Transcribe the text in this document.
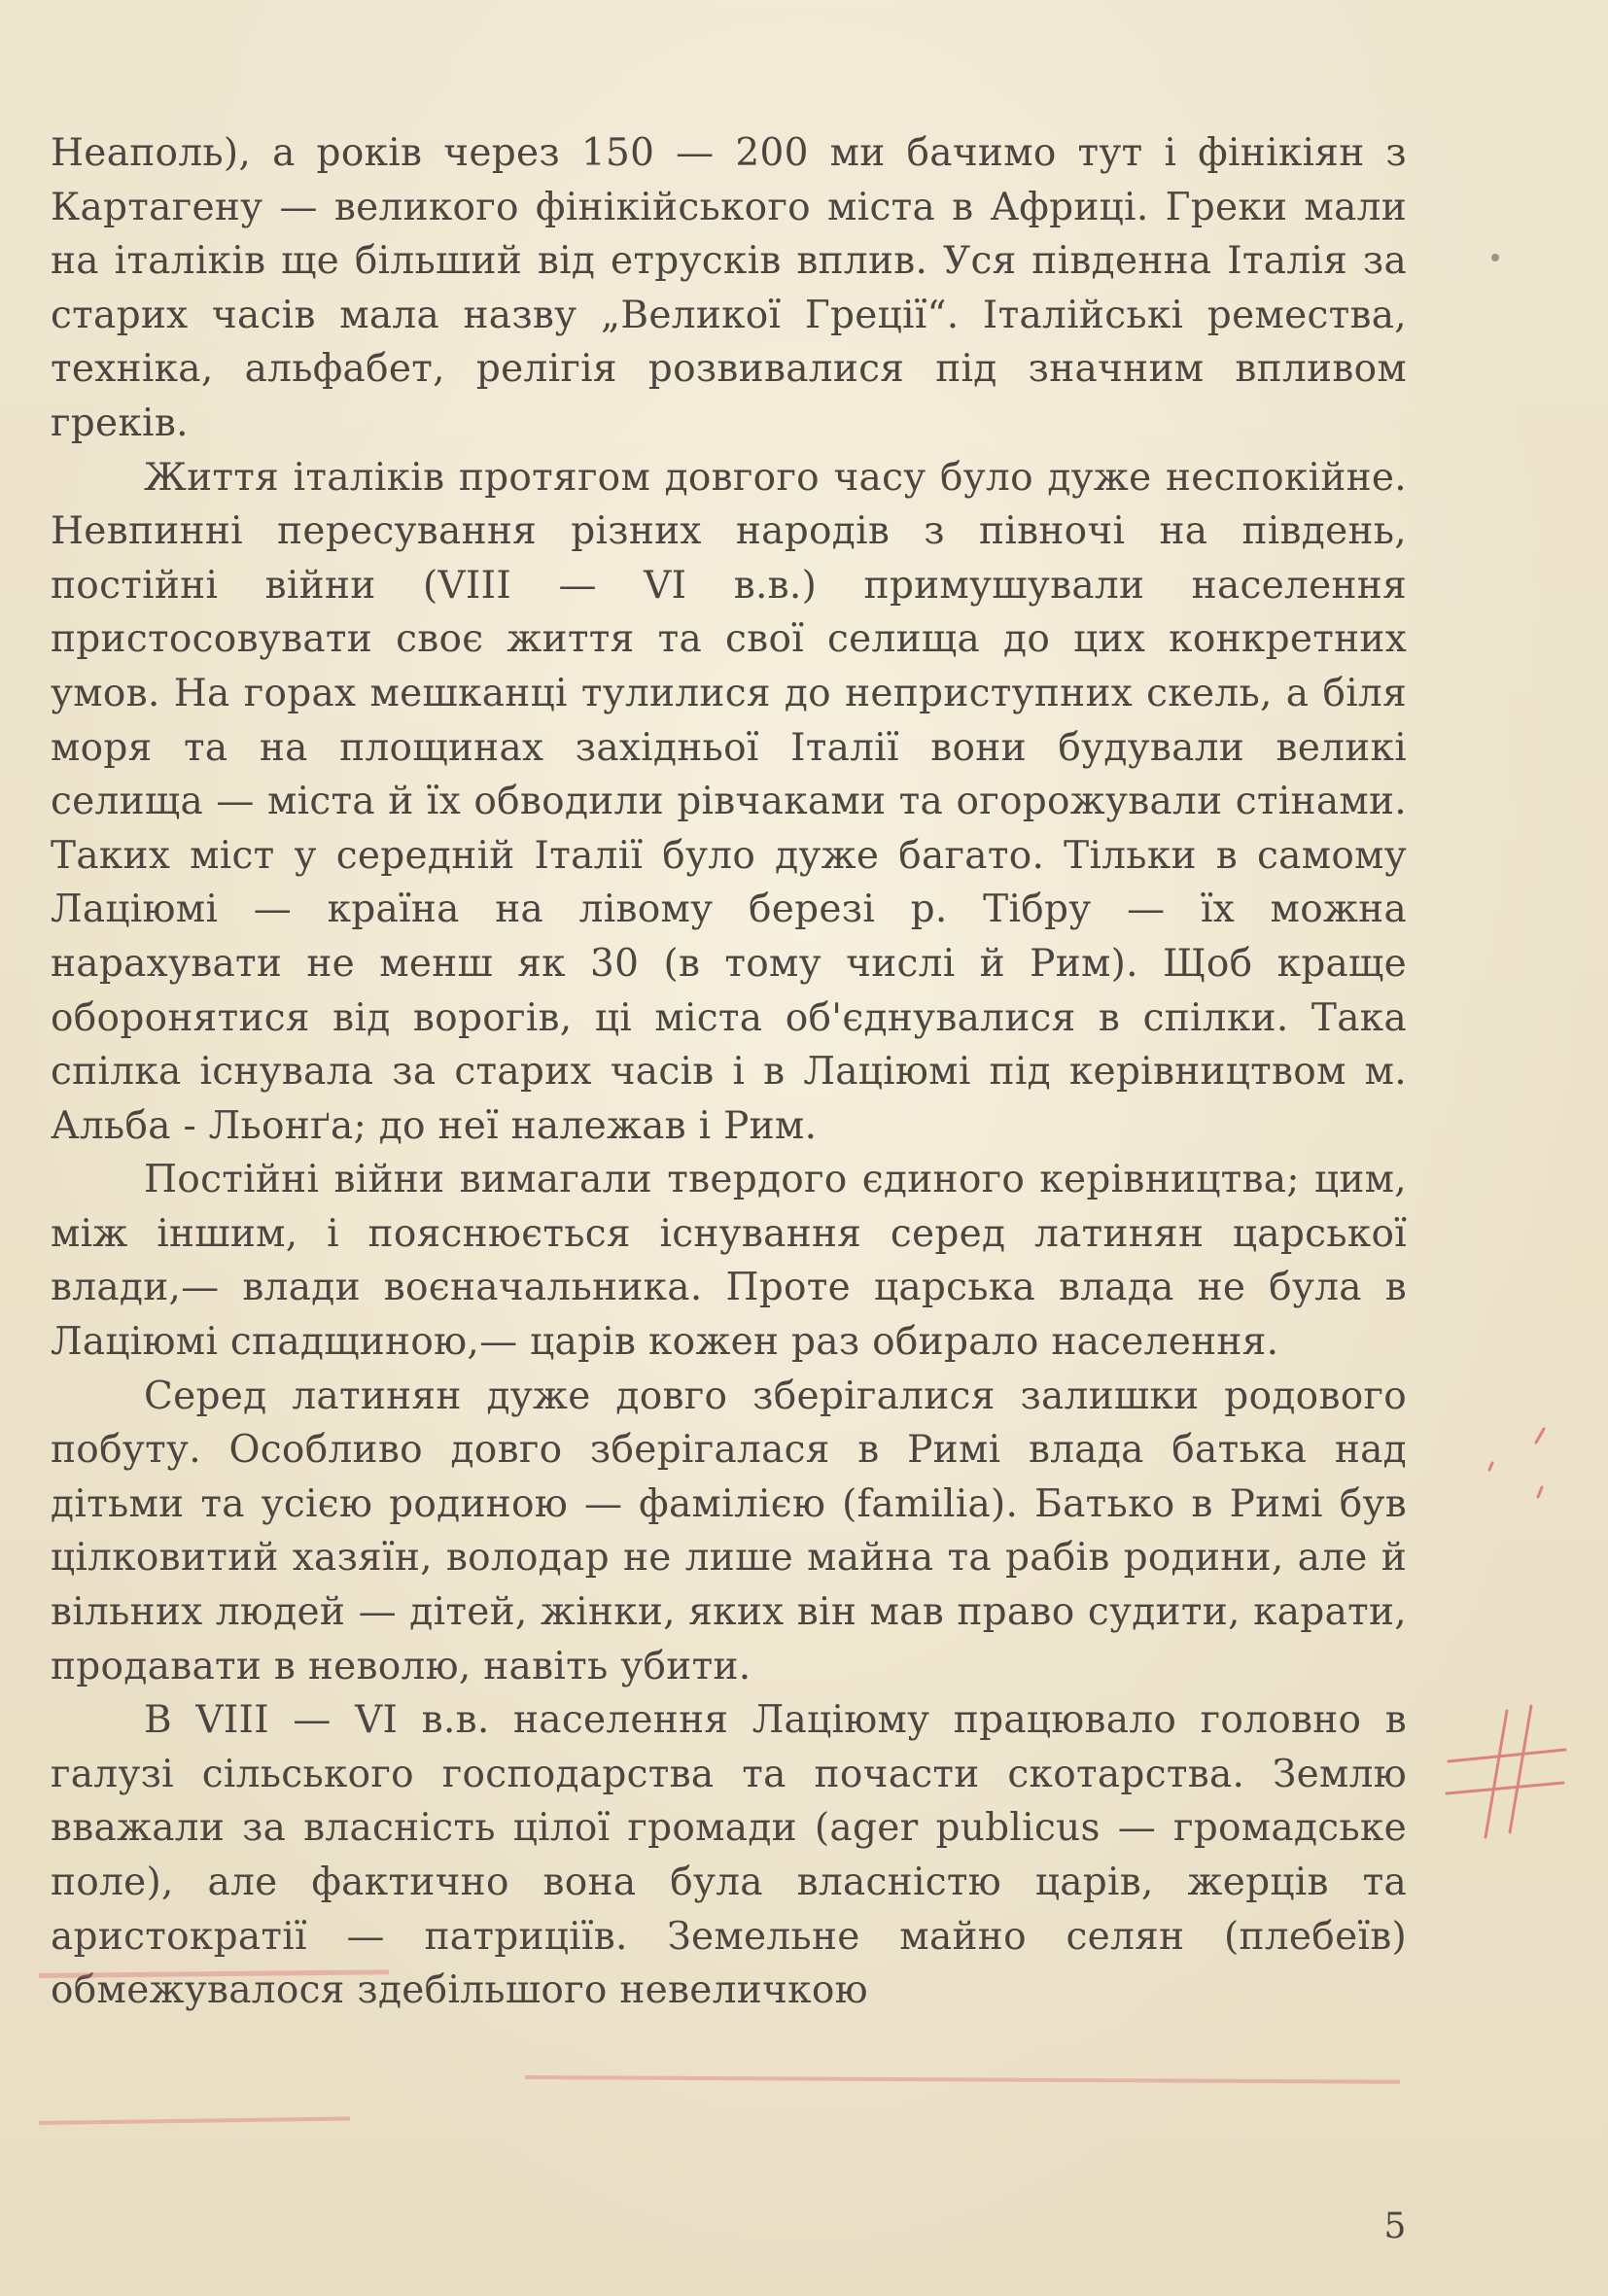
Неаполь), а років через 150 — 200 ми бачимо тут і фінікіян з Картагену — великого фінікійського міста в Африці. Греки мали на італіків ще більший від етрусків вплив. Уся південна Італія за старих часів мала назву „Великої Греції“. Італійські ремества, техніка, альфабет, релігія розвивалися під значним впливом греків.

Життя італіків протягом довгого часу було дуже неспокійне. Невпинні пересування різних народів з півночі на південь, постійні війни (VIII — VI в.в.) примушували населення пристосовувати своє життя та свої селища до цих конкретних умов. На горах мешканці тулилися до неприступних скель, а біля моря та на площинах західньої Італії вони будували великі селища — міста й їх обводили рівчаками та огорожували стінами. Таких міст у середній Італії було дуже багато. Тільки в самому Лаціюмі — країна на лівому березі р. Тібру — їх можна нарахувати не менш як 30 (в тому числі й Рим). Щоб краще оборонятися від ворогів, ці міста об'єднувалися в спілки. Така спілка існувала за старих часів і в Лаціюмі під керівництвом м. Альба - Льонґа; до неї належав і Рим.

Постійні війни вимагали твердого єдиного керівництва; цим, між іншим, і пояснюється існування серед латинян царської влади,— влади воєначальника. Проте царська влада не була в Лаціюмі спадщиною,— царів кожен раз обирало населення.

Серед латинян дуже довго зберігалися залишки родового побуту. Особливо довго зберігалася в Римі влада батька над дітьми та усією родиною — фамілією (familia). Батько в Римі був цілковитий хазяїн, володар не лише майна та рабів родини, але й вільних людей — дітей, жінки, яких він мав право судити, карати, продавати в неволю, навіть убити.

В VIII — VI в.в. населення Лаціюму працювало головно в галузі сільського господарства та почасти скотарства. Землю вважали за власність цілої громади (ager publicus — громадське поле), але фактично вона була власністю царів, жерців та аристократії — патриціїв. Земельне майно селян (плебеїв) обмежувалося здебільшого невеличкою

5
